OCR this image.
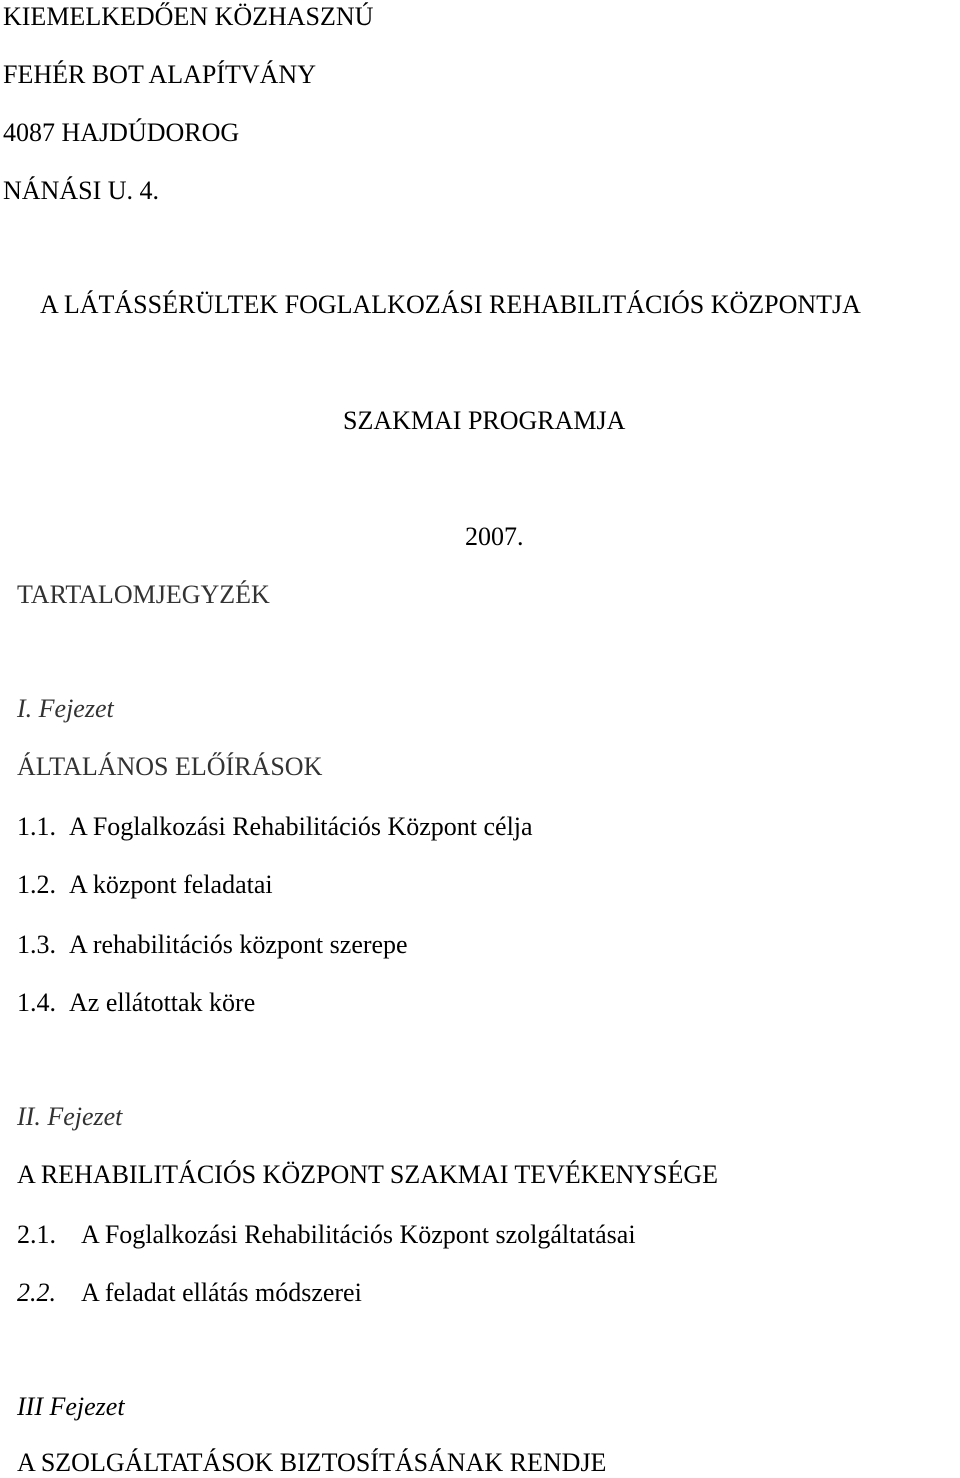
KIEMELKEDŐEN KÖZHASZNÚ
FEHÉR BOT ALAPÍTVÁNY
4087 HAJDÚDOROG
NÁNÁSI U. 4.
A LÁTÁSSÉRÜLTEK FOGLALKOZÁSI REHABILITÁCIÓS KÖZPONTJA
SZAKMAI PROGRAMJA
2007.
TARTALOMJEGYZÉK
I. Fejezet
ÁLTALÁNOS ELŐÍRÁSOK
1.1. A Foglalkozási Rehabilitációs Központ célja
1.2. A központ feladatai
1.3. A rehabilitációs központ szerepe
1.4. Az ellátottak köre
II. Fejezet
A REHABILITÁCIÓS KÖZPONT SZAKMAI TEVÉKENYSÉGE
2.1. A Foglalkozási Rehabilitációs Központ szolgáltatásai
2.2. A feladat ellátás módszerei
III Fejezet
A SZOLGÁLTATÁSOK BIZTOSÍTÁSÁNAK RENDJE
